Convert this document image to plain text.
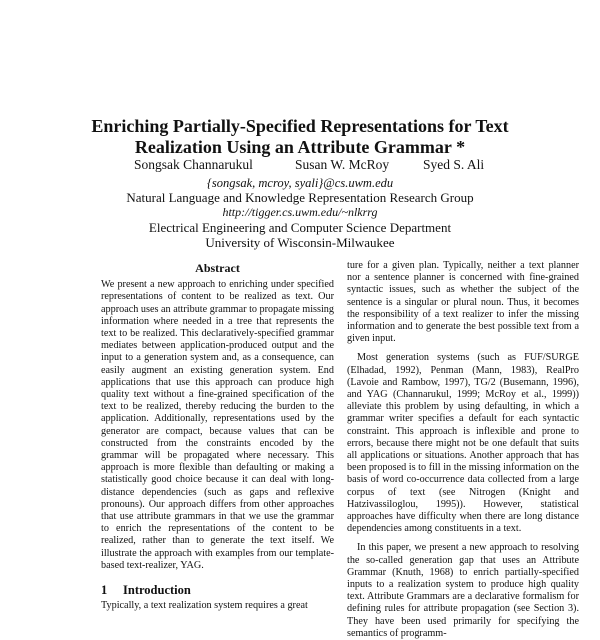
Enriching Partially-Specified Representations for Text Realization Using an Attribute Grammar *
Songsak Channarukul	Susan W. McRoy	Syed S. Ali
{songsak, mcroy, syali}@cs.uwm.edu
Natural Language and Knowledge Representation Research Group
http://tigger.cs.uwm.edu/~nlkrrg
Electrical Engineering and Computer Science Department
University of Wisconsin-Milwaukee
Abstract

We present a new approach to enriching under specified representations of content to be realized as text. Our approach uses an attribute grammar to propagate missing information where needed in a tree that represents the text to be realized. This declaratively-specified grammar mediates between application-produced output and the input to a generation system and, as a consequence, can easily augment an existing generation system. End applications that use this approach can produce high quality text without a fine-grained specification of the text to be realized, thereby reducing the burden to the application. Additionally, representations used by the generator are compact, because values that can be constructed from the constraints encoded by the grammar will be propagated where necessary. This approach is more flexible than defaulting or making a statistically good choice because it can deal with long-distance dependencies (such as gaps and reflexive pronouns). Our approach differs from other approaches that use attribute grammars in that we use the grammar to enrich the representations of the content to be realized, rather than to generate the text itself. We illustrate the approach with examples from our template-based text-realizer, YAG.

1 Introduction

Typically, a text realization system requires a great

ture for a given plan. Typically, neither a text planner nor a sentence planner is concerned with fine-grained syntactic issues, such as whether the subject of the sentence is a singular or plural noun. Thus, it becomes the responsibility of a text realizer to infer the missing information and to generate the best possible text from a given input.

Most generation systems (such as FUF/SURGE (Elhadad, 1992), Penman (Mann, 1983), RealPro (Lavoie and Rambow, 1997), TG/2 (Busemann, 1996), and YAG (Channarukul, 1999; McRoy et al., 1999)) alleviate this problem by using defaulting, in which a grammar writer specifies a default for each syntactic constraint. This approach is inflexible and prone to errors, because there might not be one default that suits all applications or situations. Another approach that has been proposed is to fill in the missing information on the basis of word co-occurrence data collected from a large corpus of text (see Nitrogen (Knight and Hatzivassiloglou, 1995)). However, statistical approaches have difficulty when there are long distance dependencies among constituents in a text.

In this paper, we present a new approach to resolving the so-called generation gap that uses an Attribute Grammar (Knuth, 1968) to enrich partially-specified inputs to a realization system to produce high quality text. Attribute Grammars are a declarative formalism for defining rules for attribute propagation (see Section 3). They have been used primarily for specifying the semantics of programm-
